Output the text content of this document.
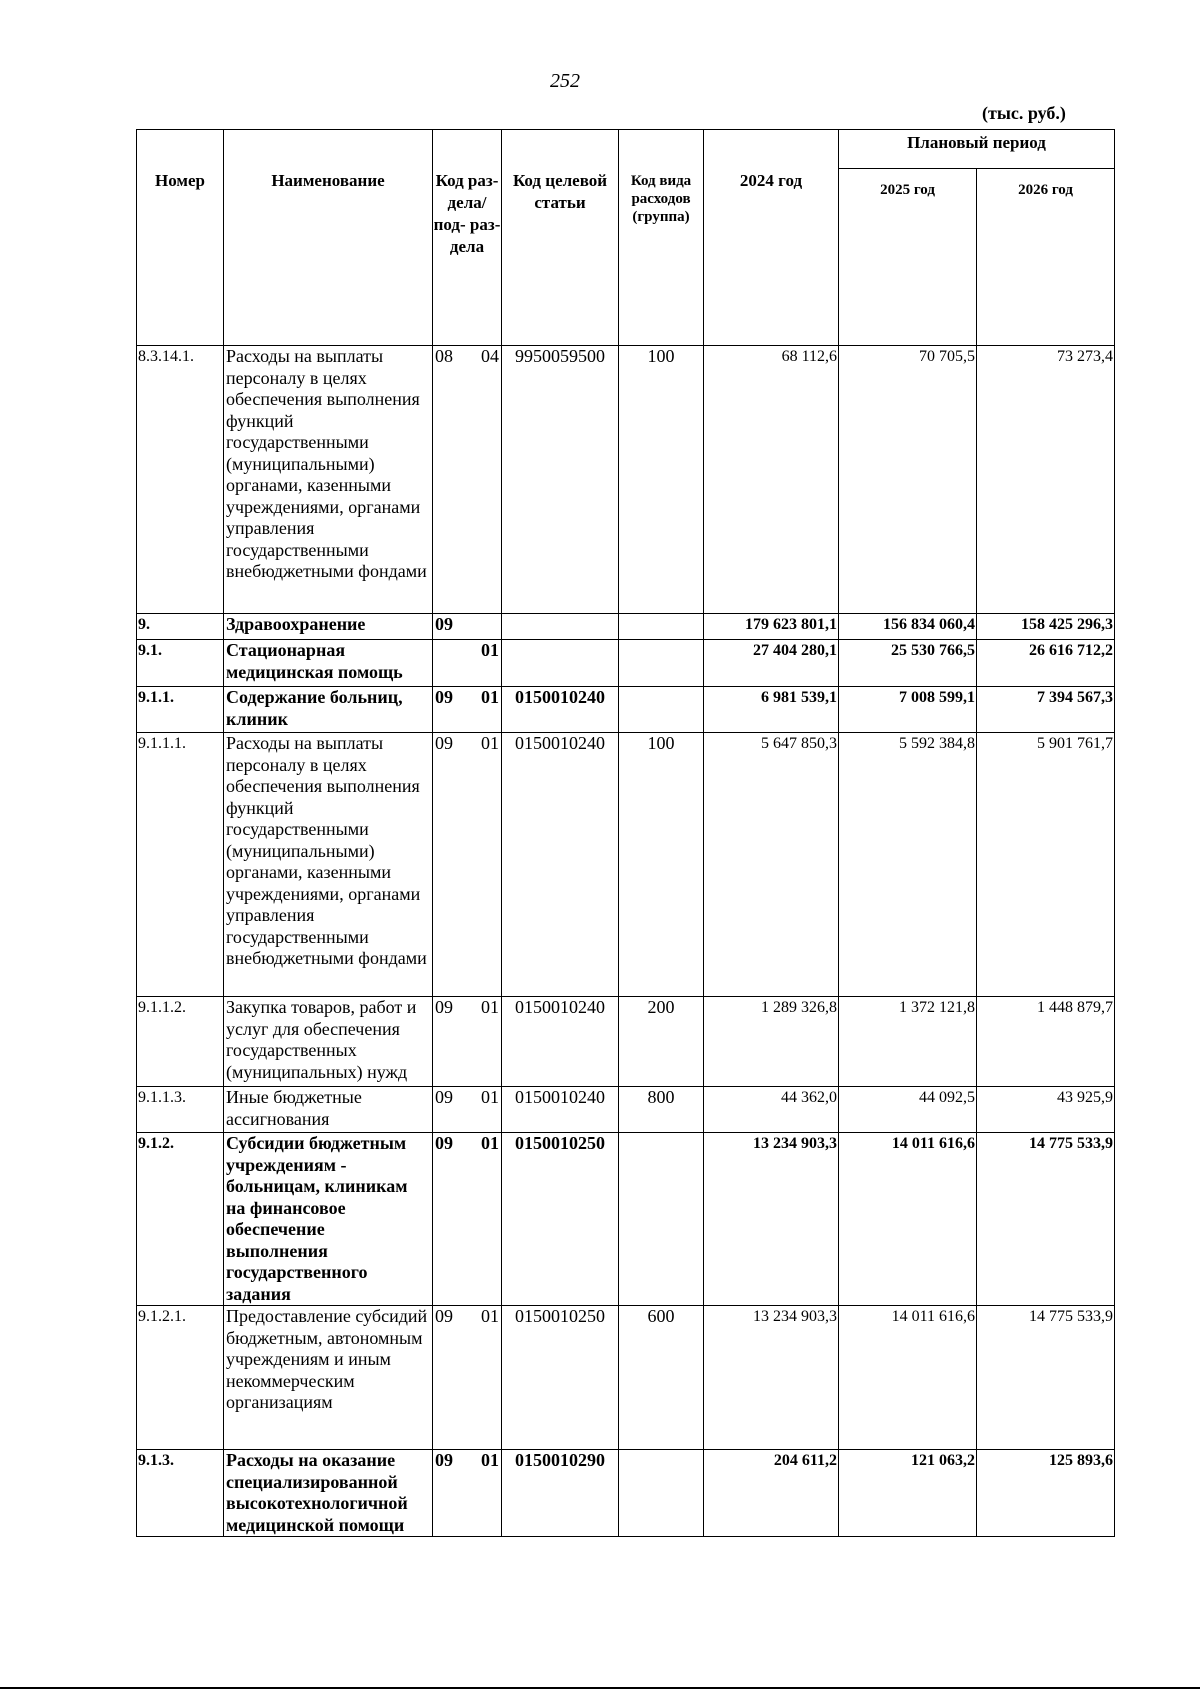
252
(тыс. руб.)
Номер	Наименование	Код раз- дела/ под- раз- дела	Код целевой статьи	Код вида расходов (группа)	2024 год	Плановый период	
						2025 год	2026 год
8.3.14.1.	Расходы на выплаты персоналу в целях обеспечения выполнения функций государственными (муниципальными) органами, казенными учреждениями, органами управления государственными внебюджетными фондами	08 04	9950059500	100	68 112,6	70 705,5	73 273,4
9.	Здравоохранение	09			179 623 801,1	156 834 060,4	158 425 296,3
9.1.	Стационарная медицинская помощь	01			27 404 280,1	25 530 766,5	26 616 712,2
9.1.1.	Содержание больниц, клиник	09 01	0150010240		6 981 539,1	7 008 599,1	7 394 567,3
9.1.1.1.	Расходы на выплаты персоналу в целях обеспечения выполнения функций государственными (муниципальными) органами, казенными учреждениями, органами управления государственными внебюджетными фондами	09 01	0150010240	100	5 647 850,3	5 592 384,8	5 901 761,7
9.1.1.2.	Закупка товаров, работ и услуг для обеспечения государственных (муниципальных) нужд	09 01	0150010240	200	1 289 326,8	1 372 121,8	1 448 879,7
9.1.1.3.	Иные бюджетные ассигнования	09 01	0150010240	800	44 362,0	44 092,5	43 925,9
9.1.2.	Субсидии бюджетным учреждениям - больницам, клиникам на финансовое обеспечение выполнения государственного задания	09 01	0150010250		13 234 903,3	14 011 616,6	14 775 533,9
9.1.2.1.	Предоставление субсидий бюджетным, автономным учреждениям и иным некоммерческим организациям	09 01	0150010250	600	13 234 903,3	14 011 616,6	14 775 533,9
9.1.3.	Расходы на оказание специализированной высокотехнологичной медицинской помощи	09 01	0150010290		204 611,2	121 063,2	125 893,6
